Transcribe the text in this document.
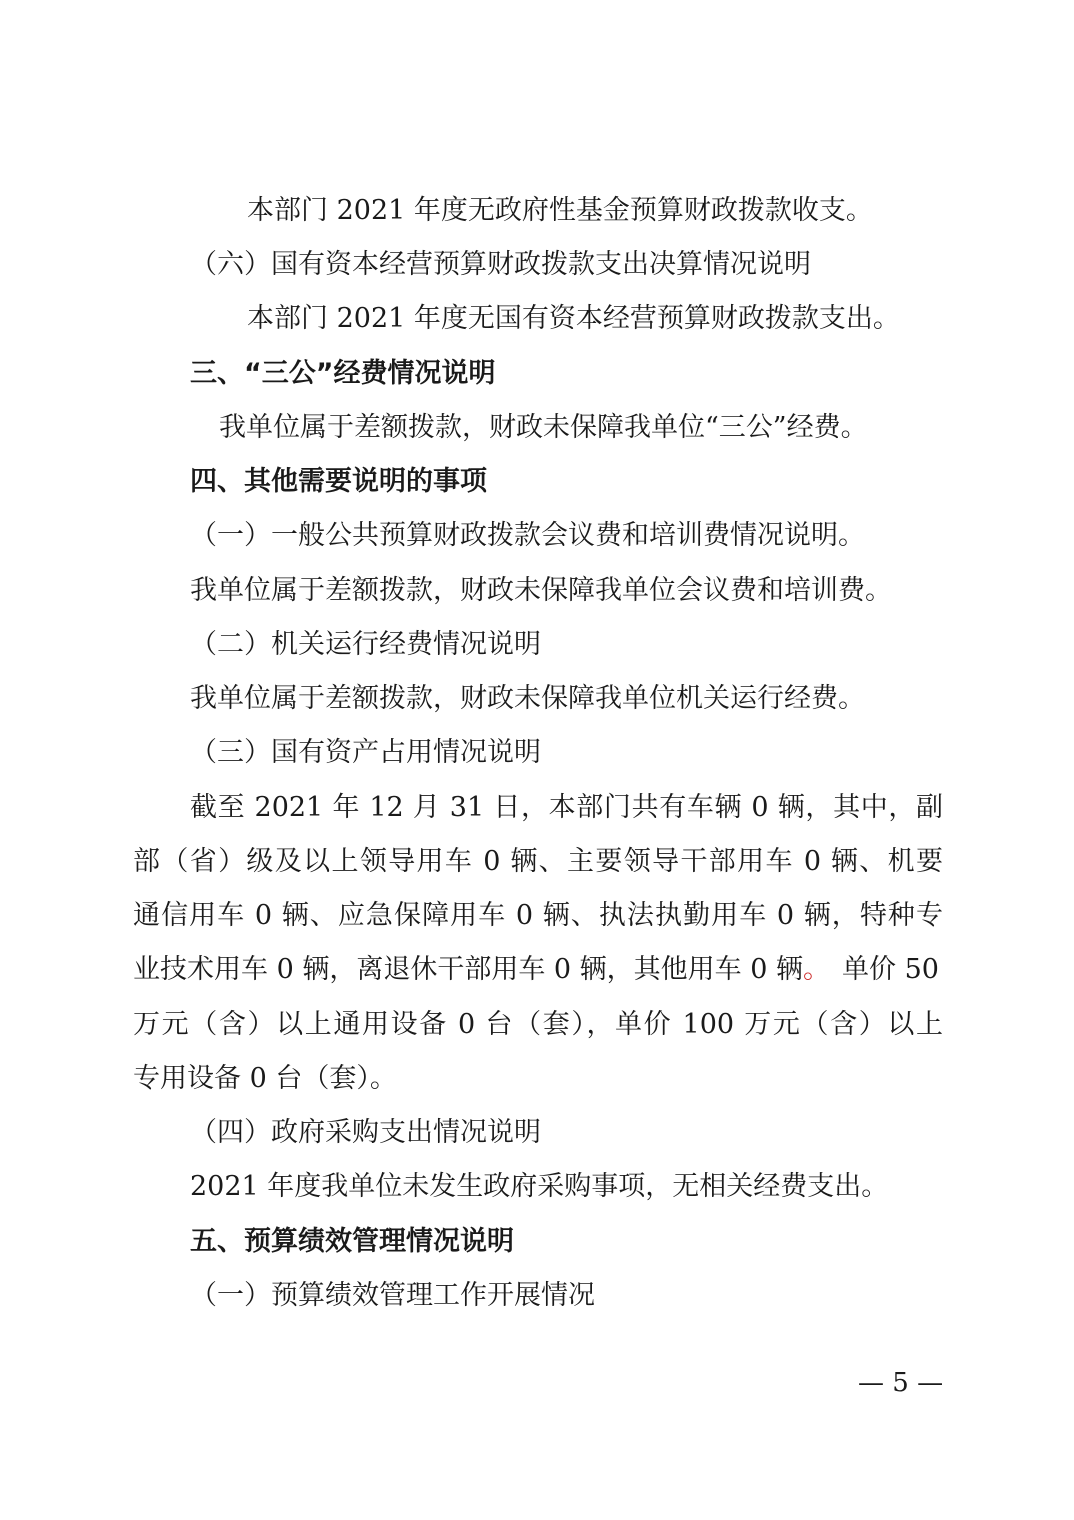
本部门 2021 年度无政府性基金预算财政拨款收支。
（六）国有资本经营预算财政拨款支出决算情况说明
本部门 2021 年度无国有资本经营预算财政拨款支出。
三、“三公”经费情况说明
我单位属于差额拨款，财政未保障我单位“三公”经费。
四、其他需要说明的事项
（一）一般公共预算财政拨款会议费和培训费情况说明。
我单位属于差额拨款，财政未保障我单位会议费和培训费。
（二）机关运行经费情况说明
我单位属于差额拨款，财政未保障我单位机关运行经费。
（三）国有资产占用情况说明
截至 2021 年 12 月 31 日，本部门共有车辆 0 辆，其中，副
部（省）级及以上领导用车 0 辆、主要领导干部用车 0 辆、机要
通信用车 0 辆、应急保障用车 0 辆、执法执勤用车 0 辆，特种专
业技术用车 0 辆，离退休干部用车 0 辆，其他用车 0 辆。 单价 50
万元（含）以上通用设备 0 台（套），单价 100 万元（含）以上
专用设备 0 台（套）。
（四）政府采购支出情况说明
2021 年度我单位未发生政府采购事项，无相关经费支出。
五、预算绩效管理情况说明
（一）预算绩效管理工作开展情况
— 5 —
